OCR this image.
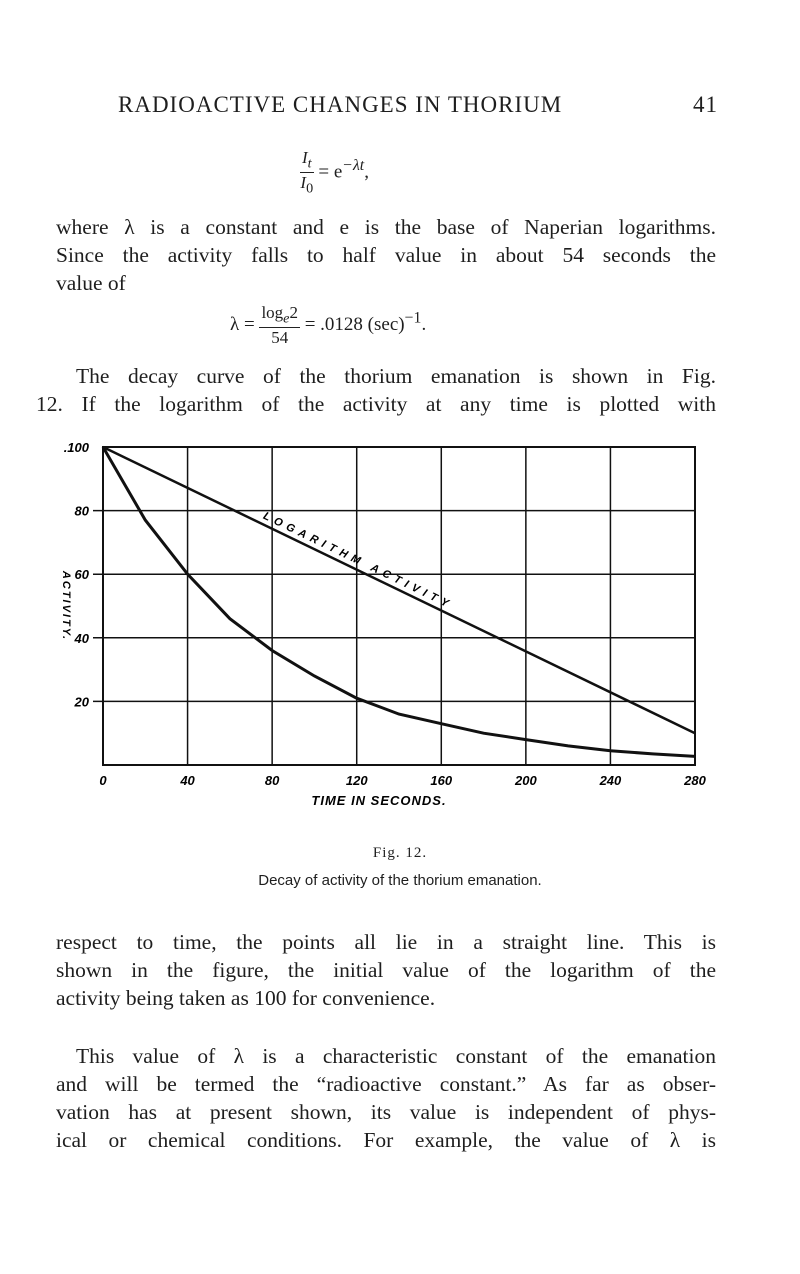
RADIOACTIVE CHANGES IN THORIUM	41
$\frac{I_t}{I_0} = e^{-\lambda t}$,
where λ is a constant and e is the base of Naperian logarithms.
Since the activity falls to half value in about 54 seconds the
value of
$\lambda = \frac{\log_e2}{54} = .0128$ $(\sec)^{-1}$.
The decay curve of the thorium emanation is shown in Fig.
12. If the logarithm of the activity at any time is plotted with
.100
80
60
40
20
0	40	80	120	160	200	240	280
TIME IN SECONDS.
ACTIVITY.	LOGARITHM ACTIVITY
Fig. 12.
Decay of activity of the thorium emanation.
respect to time, the points all lie in a straight line. This is
shown in the figure, the initial value of the logarithm of the
activity being taken as 100 for convenience.
This value of λ is a characteristic constant of the emanation
and will be termed the “radioactive constant.” As far as obser-
vation has at present shown, its value is independent of phys-
ical or chemical conditions. For example, the value of λ is
